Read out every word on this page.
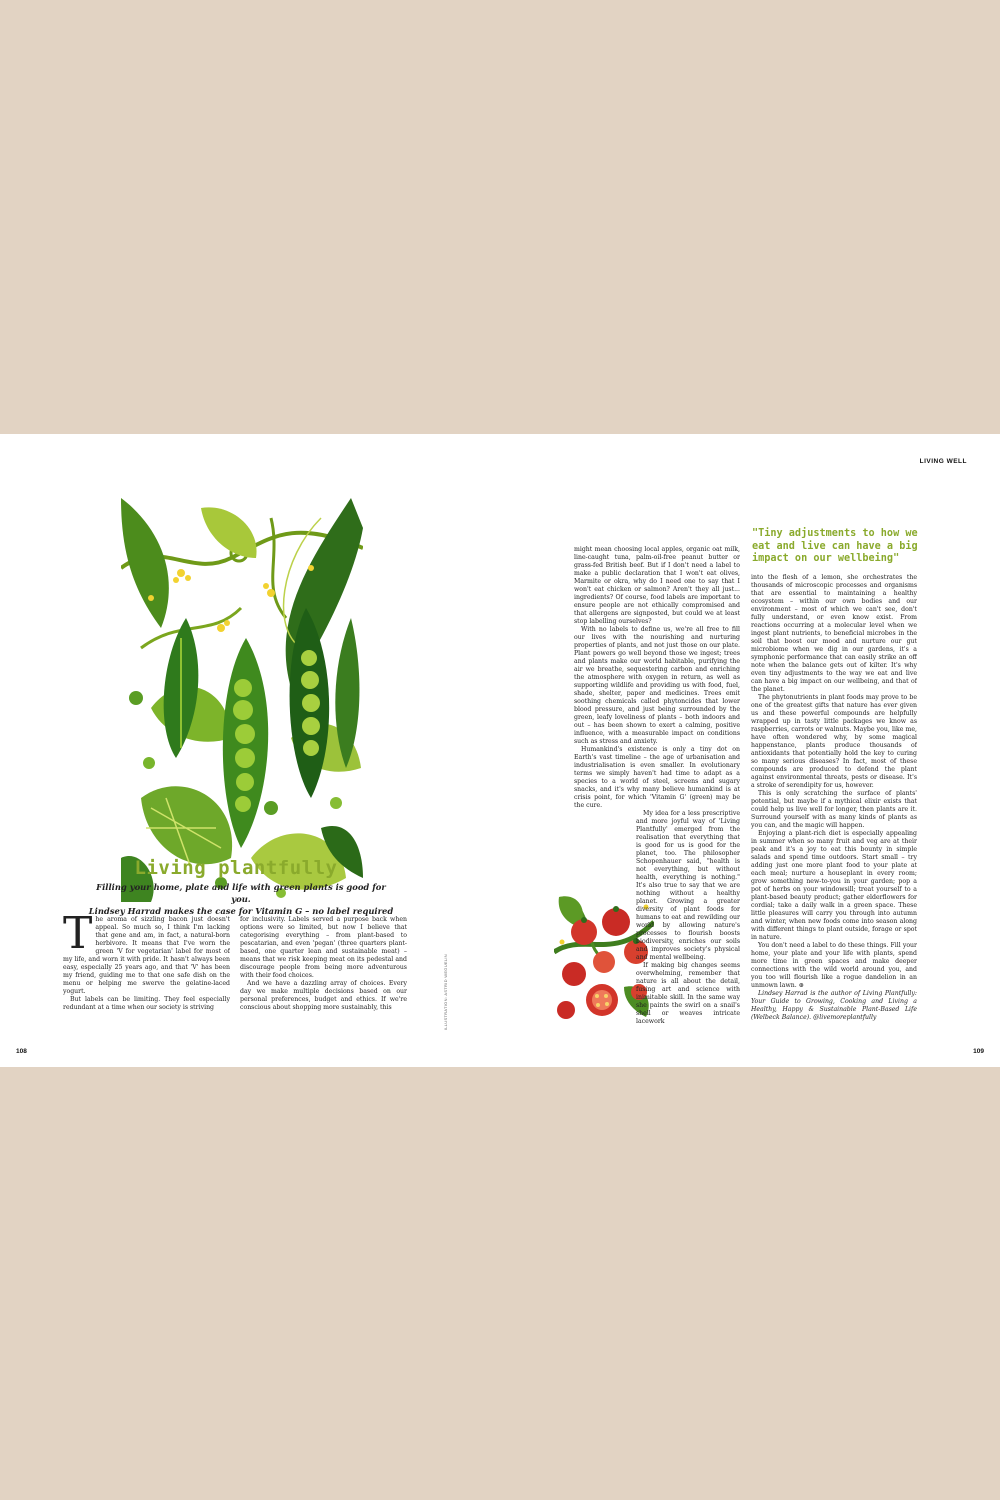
LIVING WELL
Living plantfully
Filling your home, plate and life with green plants is good for you.
Lindsey Harrad makes the case for Vitamin G – no label required
T he aroma of sizzling bacon just doesn't appeal. So much so, I think I'm lacking that gene and am, in fact, a natural-born herbivore. It means that I've worn the green 'V for vegetarian' label for most of my life, and worn it with pride. It hasn't always been easy, especially 25 years ago, and that 'V' has been my friend, guiding me to that one safe dish on the menu or helping me swerve the gelatine-laced yogurt.

But labels can be limiting. They feel especially redundant at a time when our society is striving

for inclusivity. Labels served a purpose back when options were so limited, but now I believe that categorising everything – from plant-based to pescatarian, and even 'pegan' (three quarters plant-based, one quarter lean and sustainable meat) – means that we risk keeping meat on its pedestal and discourage people from being more adventurous with their food choices.

And we have a dazzling array of choices. Every day we make multiple decisions based on our personal preferences, budget and ethics. If we're conscious about shopping more sustainably, this	ILLUSTRATION: ASTRID WEGUELIN

might mean choosing local apples, organic oat milk, line-caught tuna, palm-oil-free peanut butter or grass-fed British beef. But if I don't need a label to make a public declaration that I won't eat olives, Marmite or okra, why do I need one to say that I won't eat chicken or salmon? Aren't they all just... ingredients? Of course, food labels are important to ensure people are not ethically compromised and that allergens are signposted, but could we at least stop labelling ourselves?

With no labels to define us, we're all free to fill our lives with the nourishing and nurturing properties of plants, and not just those on our plate. Plant powers go well beyond those we ingest; trees and plants make our world habitable, purifying the air we breathe, sequestering carbon and enriching the atmosphere with oxygen in return, as well as supporting wildlife and providing us with food, fuel, shade, shelter, paper and medicines. Trees emit soothing chemicals called phytoncides that lower blood pressure, and just being surrounded by the green, leafy loveliness of plants – both indoors and out – has been shown to exert a calming, positive influence, with a measurable impact on conditions such as stress and anxiety.

Humankind's existence is only a tiny dot on Earth's vast timeline – the age of urbanisation and industrialisation is even smaller. In evolutionary terms we simply haven't had time to adapt as a species to a world of steel, screens and sugary snacks, and it's why many believe humankind is at crisis point, for which 'Vitamin G' (green) may be the cure.

My idea for a less prescriptive and more joyful way of 'Living Plantfully' emerged from the realisation that everything that is good for us is good for the planet, too. The philosopher Schopenhauer said, "health is not everything, but without health, everything is nothing." It's also true to say that we are nothing without a healthy planet. Growing a greater diversity of plant foods for humans to eat and rewilding our world by allowing nature's processes to flourish boosts biodiversity, enriches our soils and improves society's physical and mental wellbeing.

If making big changes seems overwhelming, remember that nature is all about the detail, fusing art and science with inimitable skill. In the same way she paints the swirl on a snail's shell or weaves intricate lacework

"Tiny adjustments to how we eat and live can have a big impact on our wellbeing"

into the flesh of a lemon, she orchestrates the thousands of microscopic processes and organisms that are essential to maintaining a healthy ecosystem – within our own bodies and our environment – most of which we can't see, don't fully understand, or even know exist. From reactions occurring at a molecular level when we ingest plant nutrients, to beneficial microbes in the soil that boost our mood and nurture our gut microbiome when we dig in our gardens, it's a symphonic performance that can easily strike an off note when the balance gets out of kilter. It's why even tiny adjustments to the way we eat and live can have a big impact on our wellbeing, and that of the planet.

The phytonutrients in plant foods may prove to be one of the greatest gifts that nature has ever given us and these powerful compounds are helpfully wrapped up in tasty little packages we know as raspberries, carrots or walnuts. Maybe you, like me, have often wondered why, by some magical happenstance, plants produce thousands of antioxidants that potentially hold the key to curing so many serious diseases? In fact, most of these compounds are produced to defend the plant against environmental threats, pests or disease. It's a stroke of serendipity for us, however.

This is only scratching the surface of plants' potential, but maybe if a mythical elixir exists that could help us live well for longer, then plants are it. Surround yourself with as many kinds of plants as you can, and the magic will happen.

Enjoying a plant-rich diet is especially appealing in summer when so many fruit and veg are at their peak and it's a joy to eat this bounty in simple salads and spend time outdoors. Start small – try adding just one more plant food to your plate at each meal; nurture a houseplant in every room; grow something new-to-you in your garden; pop a pot of herbs on your windowsill; treat yourself to a plant-based beauty product; gather elderflowers for cordial; take a daily walk in a green space. These little pleasures will carry you through into autumn and winter, when new foods come into season along with different things to plant outside, forage or spot in nature.

You don't need a label to do these things. Fill your home, your plate and your life with plants, spend more time in green spaces and make deeper connections with the wild world around you, and you too will flourish like a rogue dandelion in an unmown lawn. ⊛

Lindsey Harrad is the author of Living Plantfully: Your Guide to Growing, Cooking and Living a Healthy, Happy & Sustainable Plant-Based Life (Welbeck Balance). @livemoreplantfully

108	109
